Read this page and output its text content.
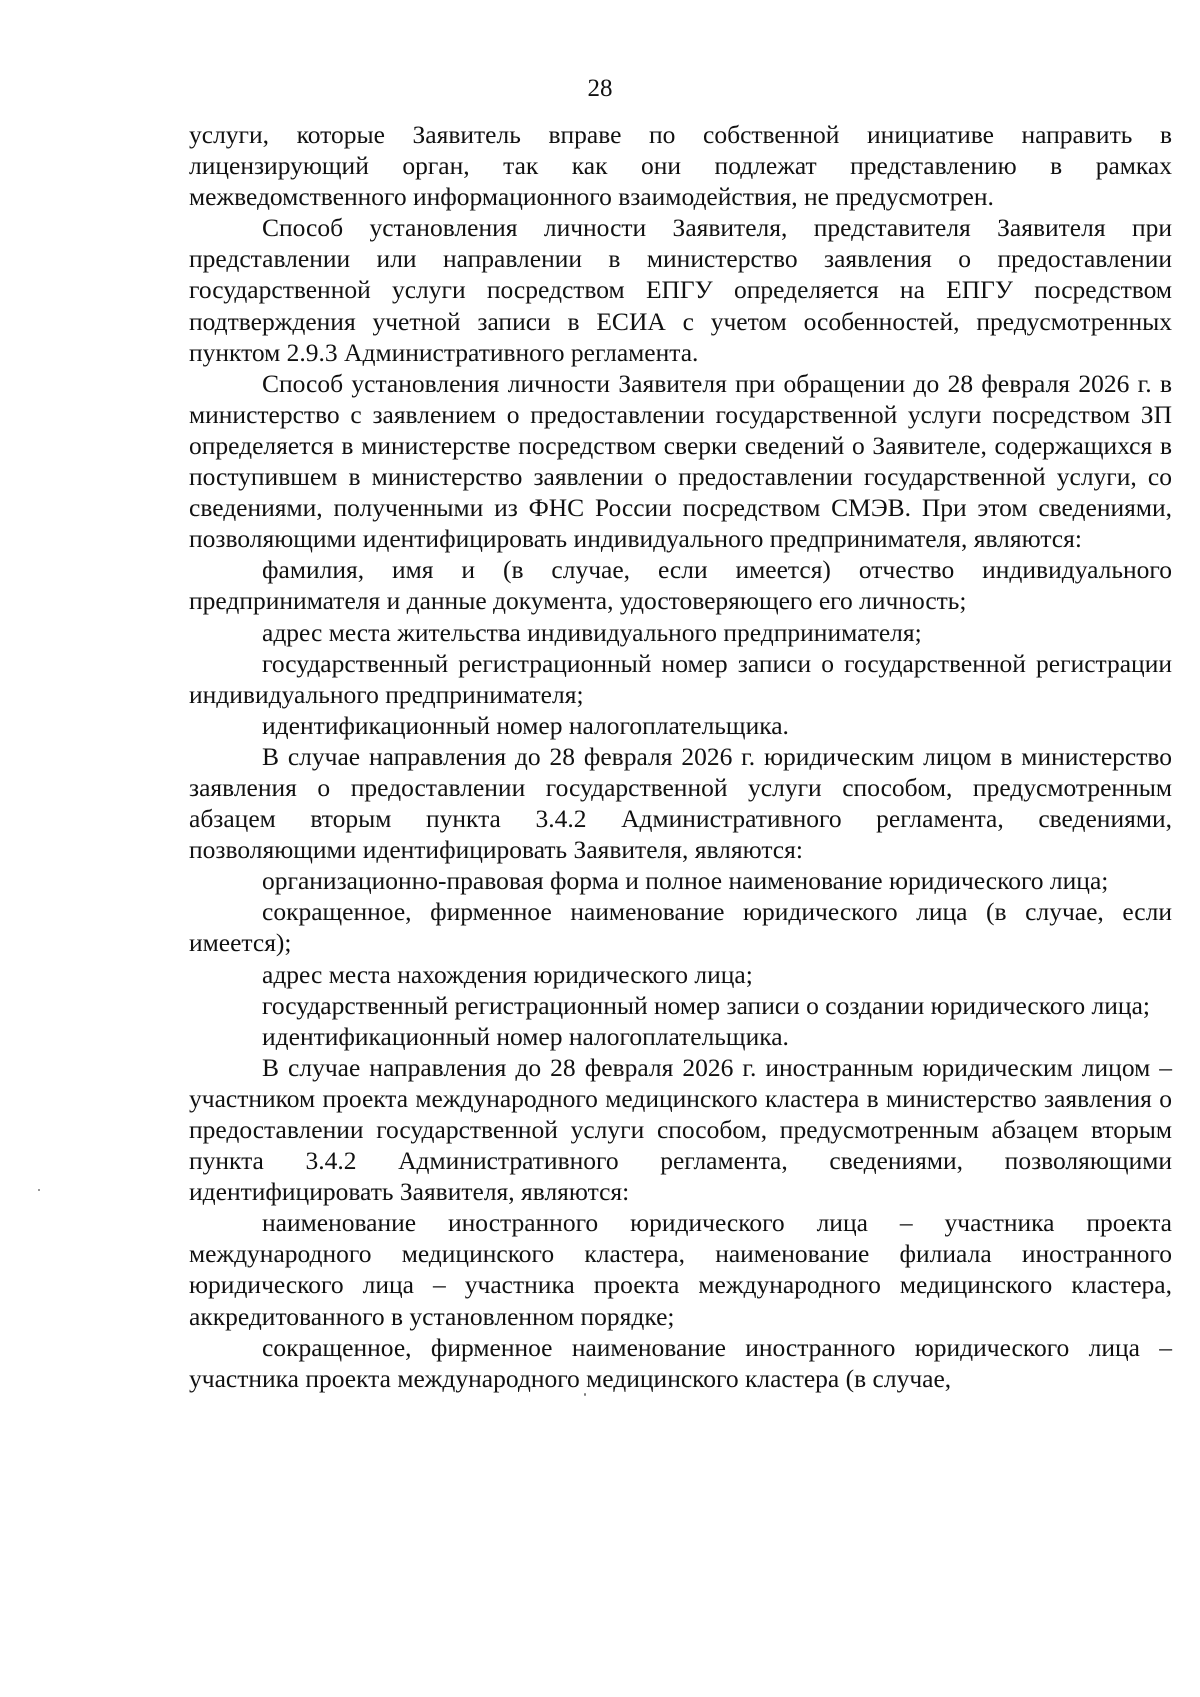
28

услуги, которые Заявитель вправе по собственной инициативе направить в лицензирующий орган, так как они подлежат представлению в рамках межведомственного информационного взаимодействия, не предусмотрен.

Способ установления личности Заявителя, представителя Заявителя при представлении или направлении в министерство заявления о предоставлении государственной услуги посредством ЕПГУ определяется на ЕПГУ посредством подтверждения учетной записи в ЕСИА с учетом особенностей, предусмотренных пунктом 2.9.3 Административного регламента.

Способ установления личности Заявителя при обращении до 28 февраля 2026 г. в министерство с заявлением о предоставлении государственной услуги посредством ЗП определяется в министерстве посредством сверки сведений о Заявителе, содержащихся в поступившем в министерство заявлении о предоставлении государственной услуги, со сведениями, полученными из ФНС России посредством СМЭВ. При этом сведениями, позволяющими идентифицировать индивидуального предпринимателя, являются:

фамилия, имя и (в случае, если имеется) отчество индивидуального предпринимателя и данные документа, удостоверяющего его личность;

адрес места жительства индивидуального предпринимателя;

государственный регистрационный номер записи о государственной регистрации индивидуального предпринимателя;

идентификационный номер налогоплательщика.

В случае направления до 28 февраля 2026 г. юридическим лицом в министерство заявления о предоставлении государственной услуги способом, предусмотренным абзацем вторым пункта 3.4.2 Административного регламента, сведениями, позволяющими идентифицировать Заявителя, являются:

организационно-правовая форма и полное наименование юридического лица;

сокращенное, фирменное наименование юридического лица (в случае, если имеется);

адрес места нахождения юридического лица;

государственный регистрационный номер записи о создании юридического лица;

идентификационный номер налогоплательщика.

В случае направления до 28 февраля 2026 г. иностранным юридическим лицом – участником проекта международного медицинского кластера в министерство заявления о предоставлении государственной услуги способом, предусмотренным абзацем вторым пункта 3.4.2 Административного регламента, сведениями, позволяющими идентифицировать Заявителя, являются:

наименование иностранного юридического лица – участника проекта международного медицинского кластера, наименование филиала иностранного юридического лица – участника проекта международного медицинского кластера, аккредитованного в установленном порядке;

сокращенное, фирменное наименование иностранного юридического лица – участника проекта международного медицинского кластера (в случае,
